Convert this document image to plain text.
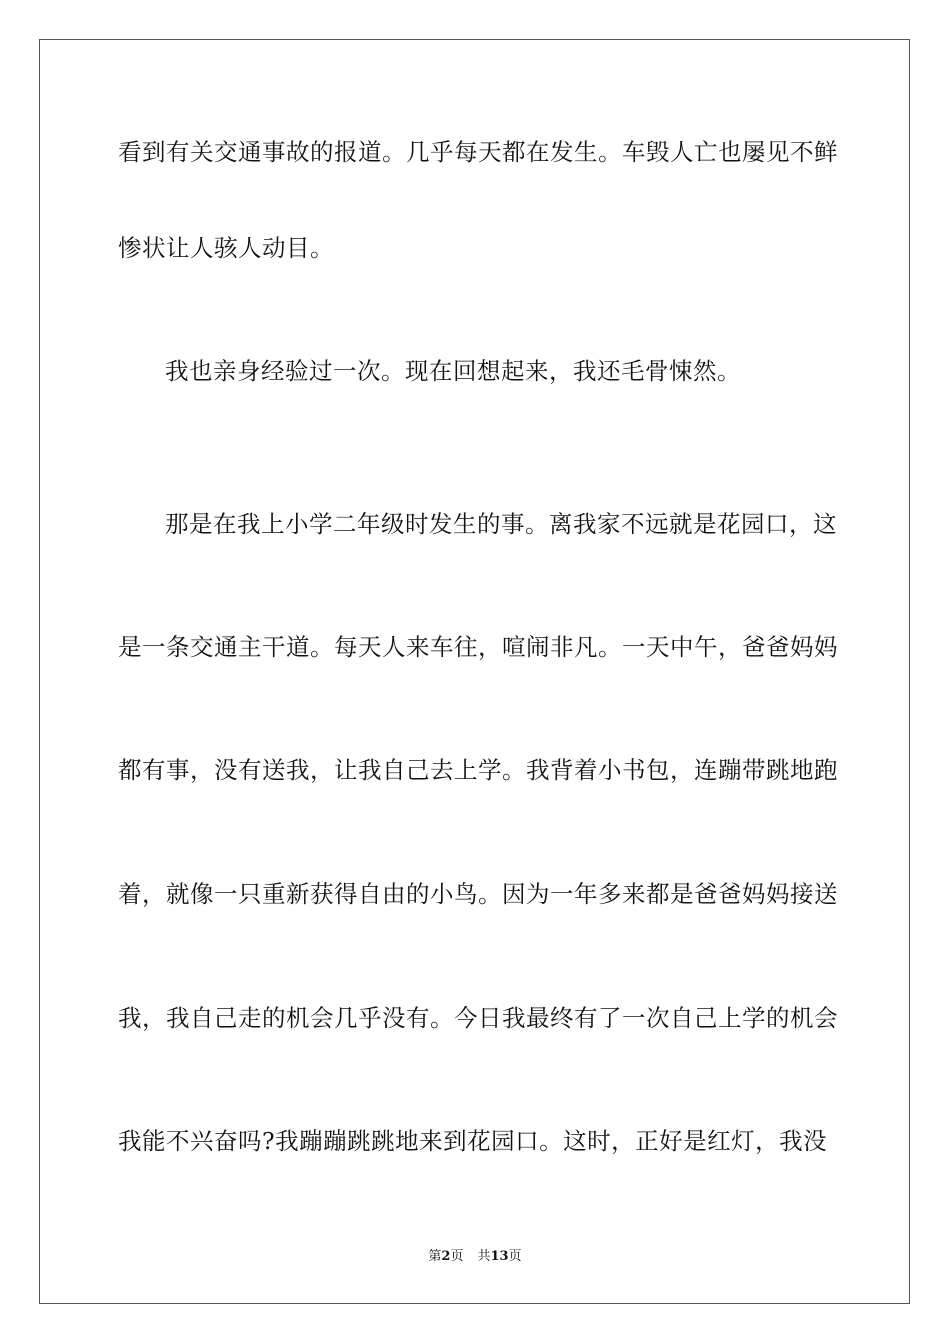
看到有关交通事故的报道。几乎每天都在发生。车毁人亡也屡见不鲜
惨状让人骇人动目。
我也亲身经验过一次。现在回想起来，我还毛骨悚然。
那是在我上小学二年级时发生的事。离我家不远就是花园口，这
是一条交通主干道。每天人来车往，喧闹非凡。一天中午，爸爸妈妈
都有事，没有送我，让我自己去上学。我背着小书包，连蹦带跳地跑
着，就像一只重新获得自由的小鸟。因为一年多来都是爸爸妈妈接送
我，我自己走的机会几乎没有。今日我最终有了一次自己上学的机会
我能不兴奋吗?我蹦蹦跳跳地来到花园口。这时，正好是红灯，我没
第2页 共13页
